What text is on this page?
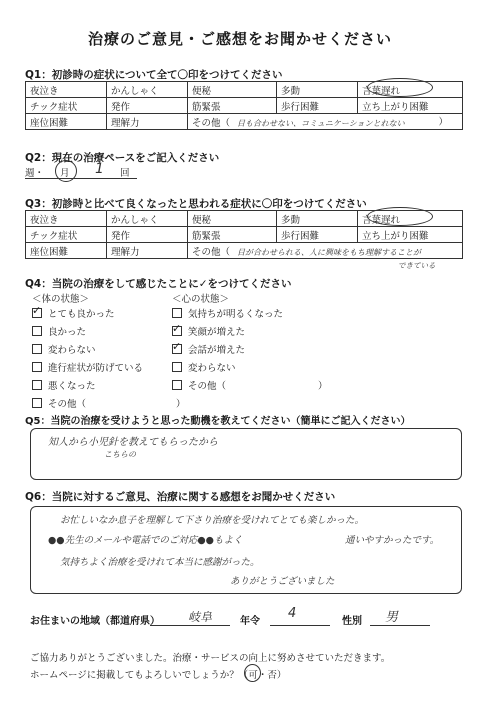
治療のご意見・ご感想をお聞かせください
Q1：初診時の症状について全て〇印をつけてください
夜泣き	かんしゃく	便秘	多動	言葉遅れ
チック症状	発作	筋緊張	歩行困難	立ち上がり困難
座位困難	理解力	その他（ 目も合わせない、コミュニケーションとれない ）		
Q2：現在の治療ペースをご記入ください
週・ 月 1 回
Q3：初診時と比べて良くなったと思われる症状に〇印をつけてください
夜泣き	かんしゃく	便秘	多動	言葉遅れ
チック症状	発作	筋緊張	歩行困難	立ち上がり困難
座位困難	理解力	その他（ 目が合わせられる、人に興味をもち理解することが		
できている
Q4：当院の治療をして感じたことに✓をつけてください
＜体の状態＞	＜心の状態＞
✓とても良かった
良かった
変わらない
進行症状が防げている
悪くなった
その他（	）
気持ちが明るくなった
✓笑顔が増えた
✓会話が増えた
変わらない
その他（	）
Q5：当院の治療を受けようと思った動機を教えてください（簡単にご記入ください）
知人から小児針を教えてもらったから
こちらの
Q6：当院に対するご意見、治療に関する感想をお聞かせください
お忙しいなか息子を理解して下さり治療を受けれてとても楽しかった。
●●先生のメールや電話でのご対応●●もよく	通いやすかったです。
気持ちよく治療を受けれて本当に感謝がった。
ありがとうございました
お住まいの地域（都道府県） 岐阜	年令
4
性別 男
ご協力ありがとうございました。治療・サービスの向上に努めさせていただきます。
ホームページに掲載してもよろしいでしょうか？（可・否）
